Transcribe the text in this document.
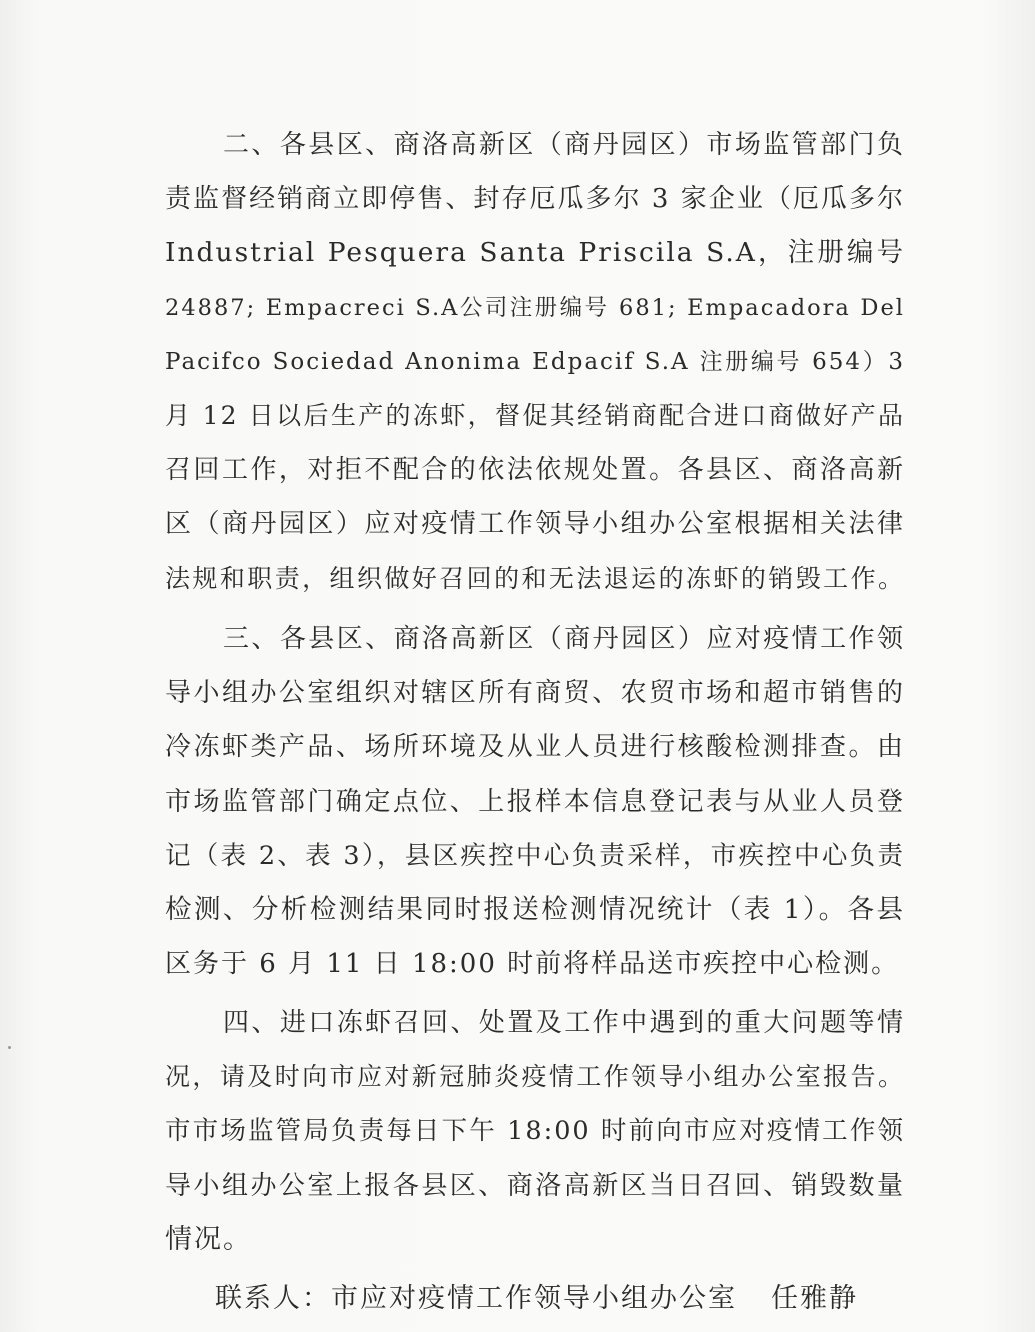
二、各县区、商洛高新区（商丹园区）市场监管部门负
责监督经销商立即停售、封存厄瓜多尔 3 家企业（厄瓜多尔
Industrial Pesquera Santa Priscila S.A，注册编号
24887; Empacreci S.A公司注册编号 681; Empacadora Del
Pacifco Sociedad Anonima Edpacif S.A 注册编号 654）3
月 12 日以后生产的冻虾，督促其经销商配合进口商做好产品
召回工作，对拒不配合的依法依规处置。各县区、商洛高新
区（商丹园区）应对疫情工作领导小组办公室根据相关法律
法规和职责，组织做好召回的和无法退运的冻虾的销毁工作。
三、各县区、商洛高新区（商丹园区）应对疫情工作领
导小组办公室组织对辖区所有商贸、农贸市场和超市销售的
冷冻虾类产品、场所环境及从业人员进行核酸检测排查。由
市场监管部门确定点位、上报样本信息登记表与从业人员登
记（表 2、表 3），县区疾控中心负责采样，市疾控中心负责
检测、分析检测结果同时报送检测情况统计（表 1）。各县
区务于 6 月 11 日 18:00 时前将样品送市疾控中心检测。
四、进口冻虾召回、处置及工作中遇到的重大问题等情
况，请及时向市应对新冠肺炎疫情工作领导小组办公室报告。
市市场监管局负责每日下午 18:00 时前向市应对疫情工作领
导小组办公室上报各县区、商洛高新区当日召回、销毁数量
情况。
联系人：市应对疫情工作领导小组办公室 任雅静
